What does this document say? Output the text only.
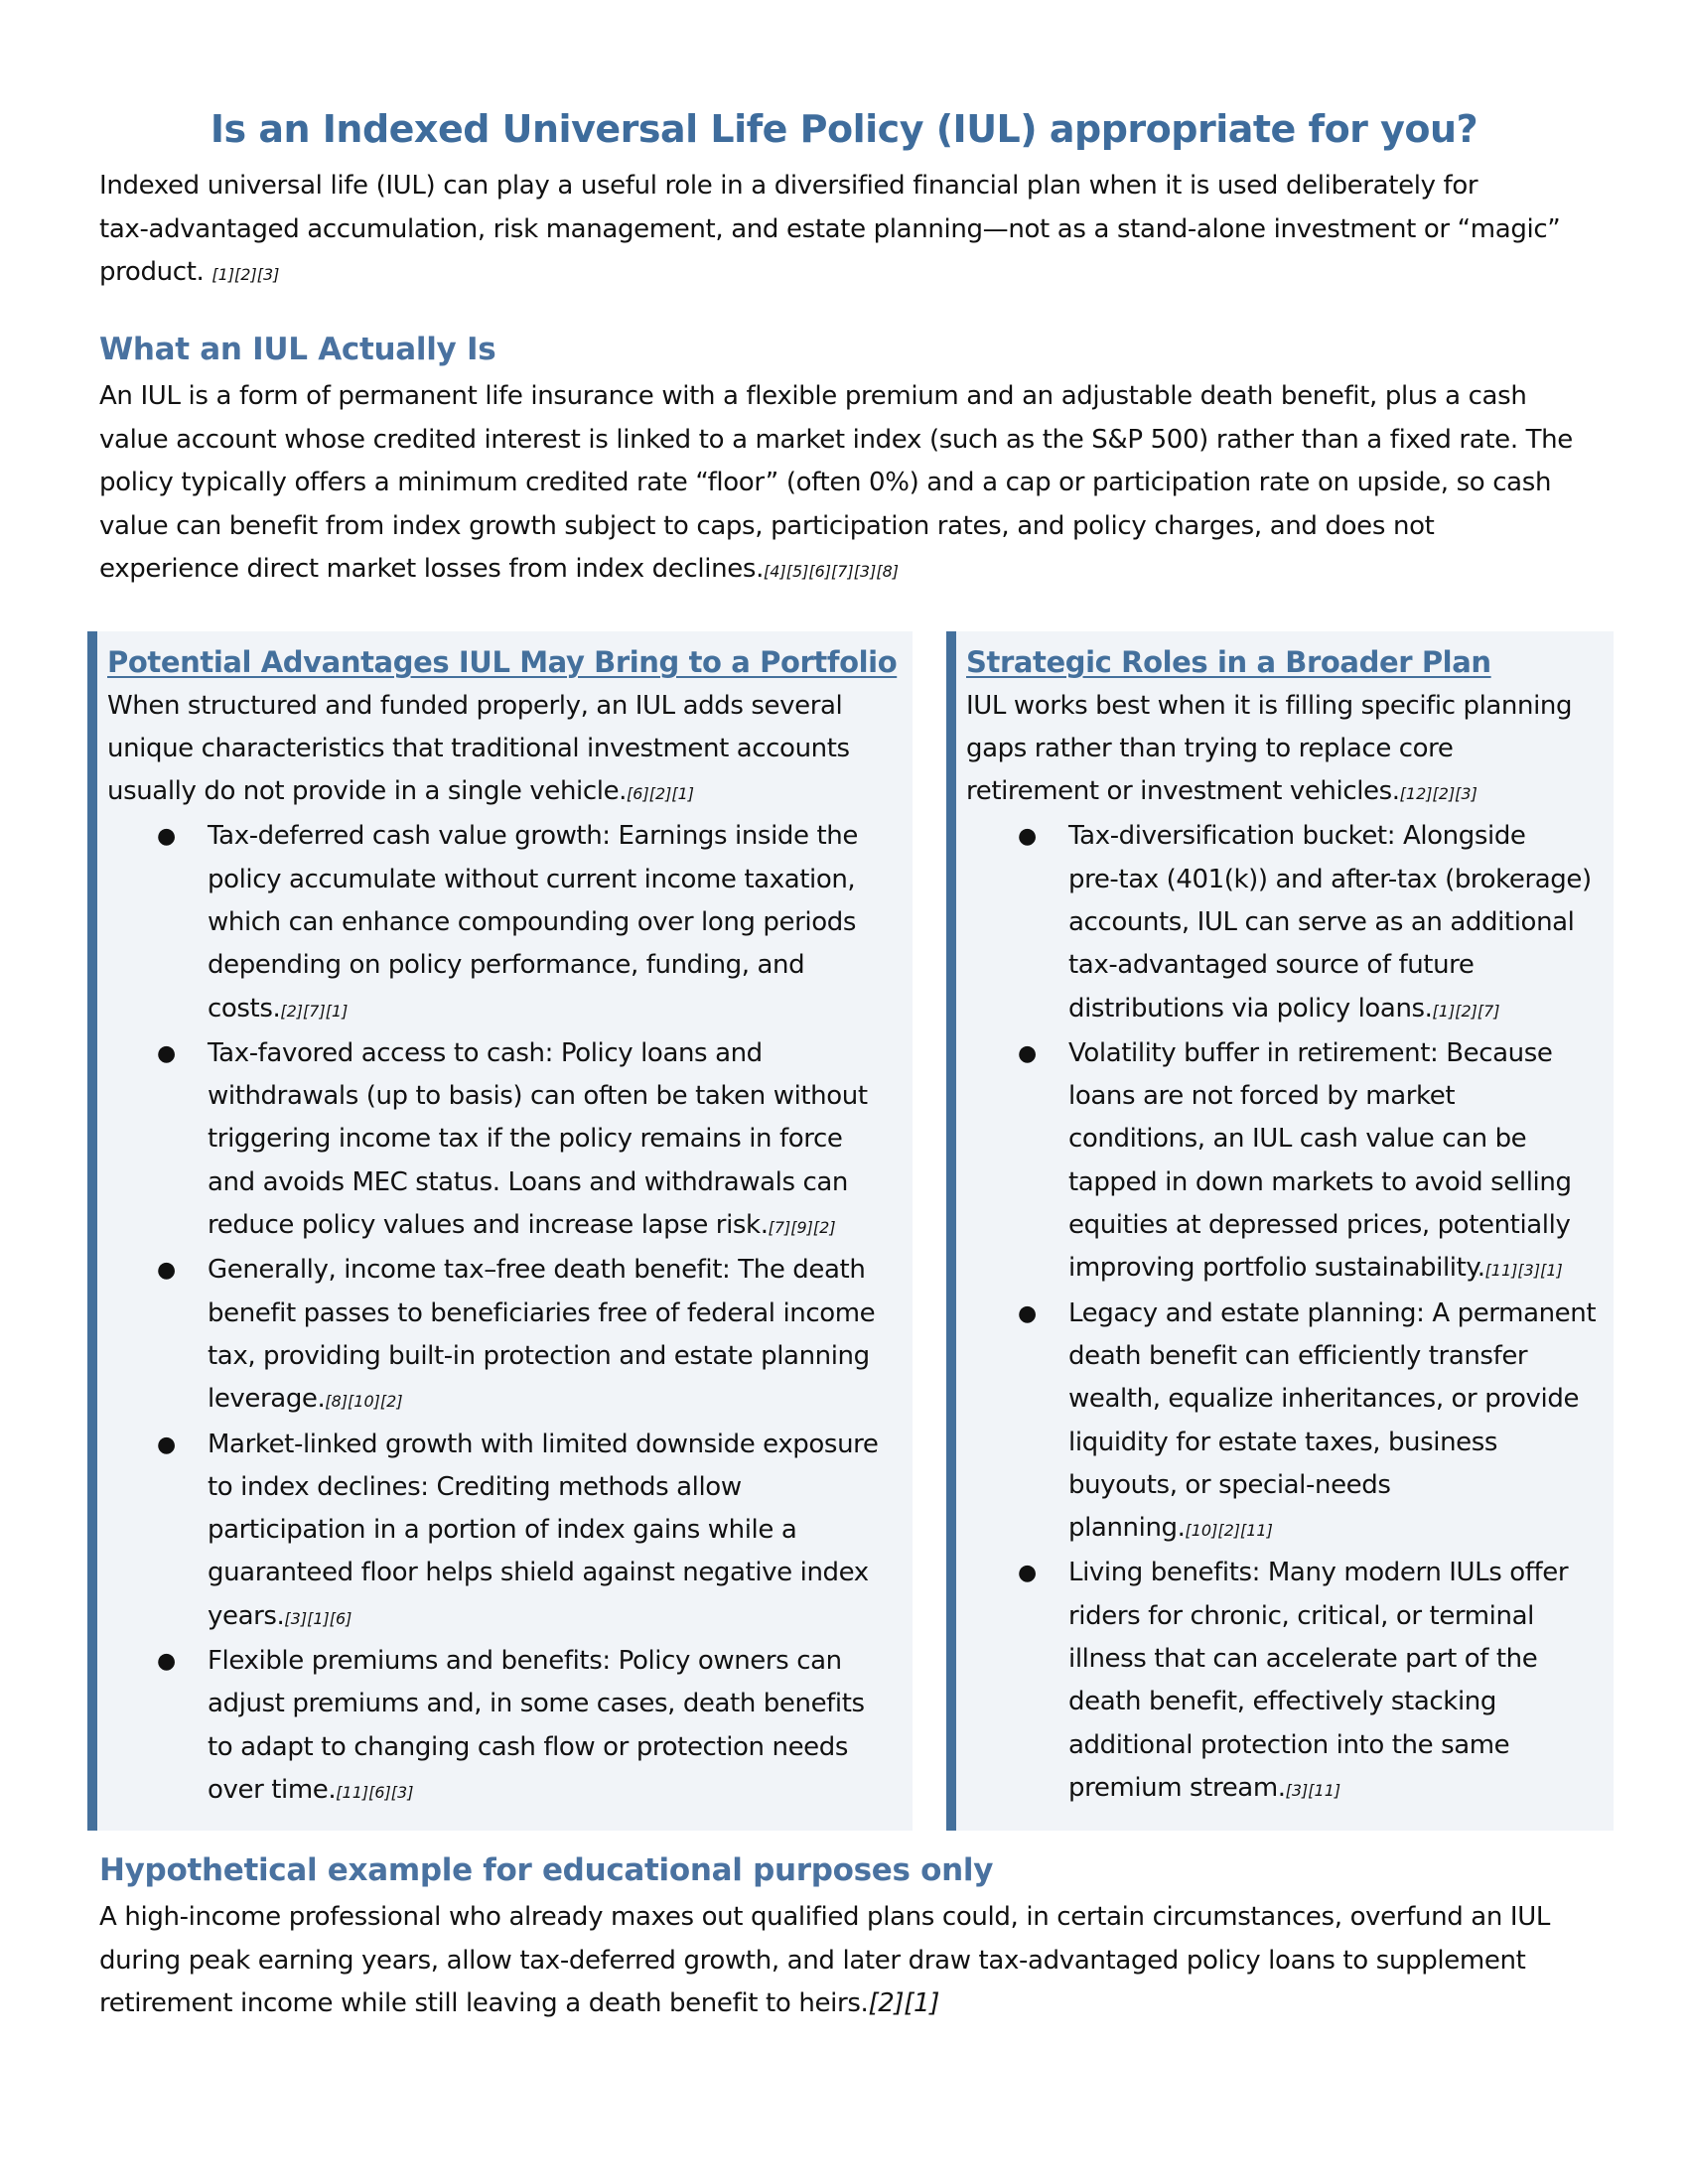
Is an Indexed Universal Life Policy (IUL) appropriate for you?
Indexed universal life (IUL) can play a useful role in a diversified financial plan when it is used deliberately for
tax-advantaged accumulation, risk management, and estate planning—not as a stand-alone investment or “magic”
product. [1][2][3]
What an IUL Actually Is
An IUL is a form of permanent life insurance with a flexible premium and an adjustable death benefit, plus a cash
value account whose credited interest is linked to a market index (such as the S&P 500) rather than a fixed rate. The
policy typically offers a minimum credited rate “floor” (often 0%) and a cap or participation rate on upside, so cash
value can benefit from index growth subject to caps, participation rates, and policy charges, and does not
experience direct market losses from index declines.[4][5][6][7][3][8]
Potential Advantages IUL May Bring to a Portfolio
When structured and funded properly, an IUL adds several
unique characteristics that traditional investment accounts
usually do not provide in a single vehicle.[6][2][1]
● Tax-deferred cash value growth: Earnings inside the
policy accumulate without current income taxation,
which can enhance compounding over long periods
depending on policy performance, funding, and
costs.[2][7][1]
● Tax-favored access to cash: Policy loans and
withdrawals (up to basis) can often be taken without
triggering income tax if the policy remains in force
and avoids MEC status. Loans and withdrawals can
reduce policy values and increase lapse risk.[7][9][2]
● Generally, income tax–free death benefit: The death
benefit passes to beneficiaries free of federal income
tax, providing built-in protection and estate planning
leverage.[8][10][2]
● Market-linked growth with limited downside exposure
to index declines: Crediting methods allow
participation in a portion of index gains while a
guaranteed floor helps shield against negative index
years.[3][1][6]
● Flexible premiums and benefits: Policy owners can
adjust premiums and, in some cases, death benefits
to adapt to changing cash flow or protection needs
over time.[11][6][3]
Strategic Roles in a Broader Plan
IUL works best when it is filling specific planning
gaps rather than trying to replace core
retirement or investment vehicles.[12][2][3]
● Tax-diversification bucket: Alongside
pre-tax (401(k)) and after-tax (brokerage)
accounts, IUL can serve as an additional
tax-advantaged source of future
distributions via policy loans.[1][2][7]
● Volatility buffer in retirement: Because
loans are not forced by market
conditions, an IUL cash value can be
tapped in down markets to avoid selling
equities at depressed prices, potentially
improving portfolio sustainability.[11][3][1]
● Legacy and estate planning: A permanent
death benefit can efficiently transfer
wealth, equalize inheritances, or provide
liquidity for estate taxes, business
buyouts, or special-needs
planning.[10][2][11]
● Living benefits: Many modern IULs offer
riders for chronic, critical, or terminal
illness that can accelerate part of the
death benefit, effectively stacking
additional protection into the same
premium stream.[3][11]
Hypothetical example for educational purposes only
A high-income professional who already maxes out qualified plans could, in certain circumstances, overfund an IUL
during peak earning years, allow tax-deferred growth, and later draw tax-advantaged policy loans to supplement
retirement income while still leaving a death benefit to heirs.[2][1]
